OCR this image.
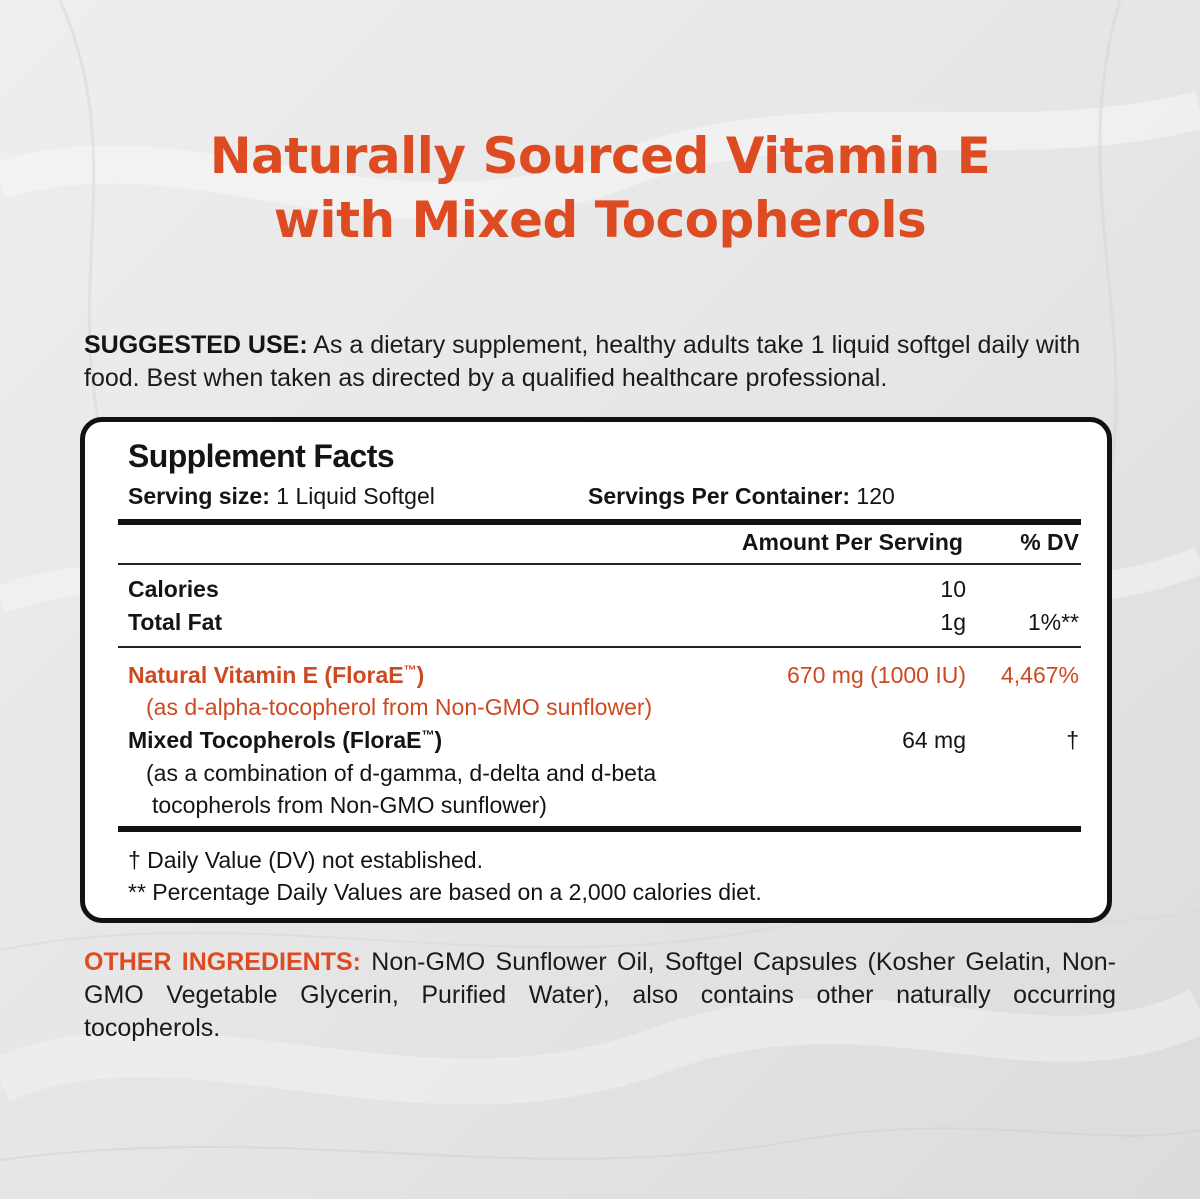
Naturally Sourced Vitamin E
with Mixed Tocopherols
SUGGESTED USE: As a dietary supplement, healthy adults take 1 liquid softgel daily with food. Best when taken as directed by a qualified healthcare professional.
Supplement Facts
Serving size: 1 Liquid Softgel	Servings Per Container: 120
Amount Per Serving % DV
Calories	10
Total Fat	1g	1%**
Natural Vitamin E (FloraE™)	670 mg (1000 IU) 4,467%
(as d-alpha-tocopherol from Non-GMO sunflower)
Mixed Tocopherols (FloraE™)	64 mg	†
(as a combination of d-gamma, d-delta and d-beta
tocopherols from Non-GMO sunflower)
† Daily Value (DV) not established.
** Percentage Daily Values are based on a 2,000 calories diet.
OTHER INGREDIENTS: Non-GMO Sunflower Oil, Softgel Capsules (Kosher Gelatin, Non-GMO Vegetable Glycerin, Purified Water), also contains other naturally occurring tocopherols.
